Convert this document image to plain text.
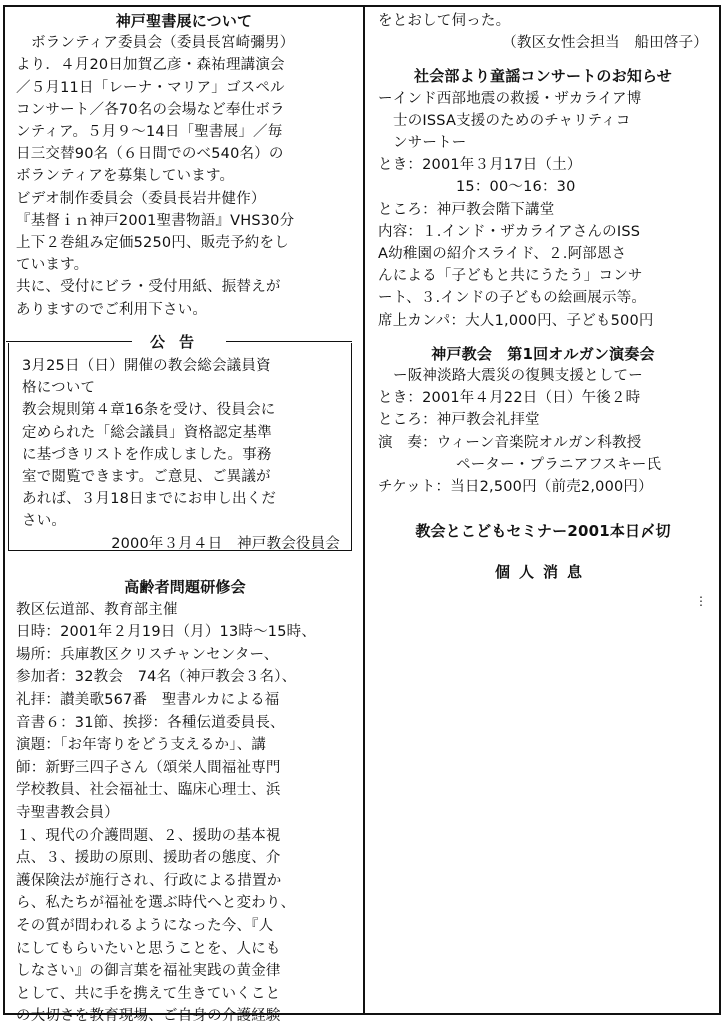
神戸聖書展について
ボランティア委員会（委員長宮崎彌男）
より．４月20日加賀乙彦・森祐理講演会
／５月11日「レーナ・マリア」ゴスペル
コンサート／各70名の会場など奉仕ボラ
ンティア。５月９～14日「聖書展」／毎
日三交替90名（６日間でのべ540名）の
ボランティアを募集しています。
ビデオ制作委員会（委員長岩井健作）
『基督ｉｎ神戸2001聖書物語』VHS30分
上下２巻組み定価5250円、販売予約をし
ています。
共に、受付にビラ・受付用紙、振替えが
ありますのでご利用下さい。
公告
3月25日（日）開催の教会総会議員資
格について
教会規則第４章16条を受け、役員会に
定められた「総会議員」資格認定基準
に基づきリストを作成しました。事務
室で閲覧できます。ご意見、ご異議が
あれば、３月18日までにお申し出くだ
さい。
2000年３月４日　神戸教会役員会
高齢者問題研修会
教区伝道部、教育部主催
日時：2001年２月19日（月）13時～15時、
場所：兵庫教区クリスチャンセンター、
参加者：32教会　74名（神戸教会３名）、
礼拝：讃美歌567番　聖書ルカによる福
音書６：31節、挨拶：各種伝道委員長、
演題：「お年寄りをどう支えるか」、講
師：新野三四子さん（頌栄人間福祉専門
学校教員、社会福祉士、臨床心理士、浜
寺聖書教会員）
１、現代の介護問題、２、援助の基本視
点、３、援助の原則、援助者の態度、介
護保険法が施行され、行政による措置か
ら、私たちが福祉を選ぶ時代へと変わり、
その質が問われるようになった今、『人
にしてもらいたいと思うことを、人にも
しなさい』の御言葉を福祉実践の黄金律
として、共に手を携えて生きていくこと
の大切さを教育現場、ご自身の介護経験
をとおして伺った。
（教区女性会担当　船田啓子）
社会部より童謡コンサートのお知らせ
ーインド西部地震の救援・ザカライア博
士のISSA支援のためのチャリティコ
ンサートー
とき：2001年３月17日（土）
15：00～16：30
ところ：神戸教会階下講堂
内容：１.インド・ザカライアさんのISS
A幼稚園の紹介スライド、２.阿部恩さ
んによる「子どもと共にうたう」コンサ
ート、３.インドの子どもの絵画展示等。
席上カンパ：大人1,000円、子ども500円
神戸教会　第1回オルガン演奏会
ー阪神淡路大震災の復興支援としてー
とき：2001年４月22日（日）午後２時
ところ：神戸教会礼拝堂
演　奏：ウィーン音楽院オルガン科教授
ペーター・プラニアフスキー氏
チケット：当日2,500円（前売2,000円）
教会とこどもセミナー2001本日〆切
個人消息
⋮
